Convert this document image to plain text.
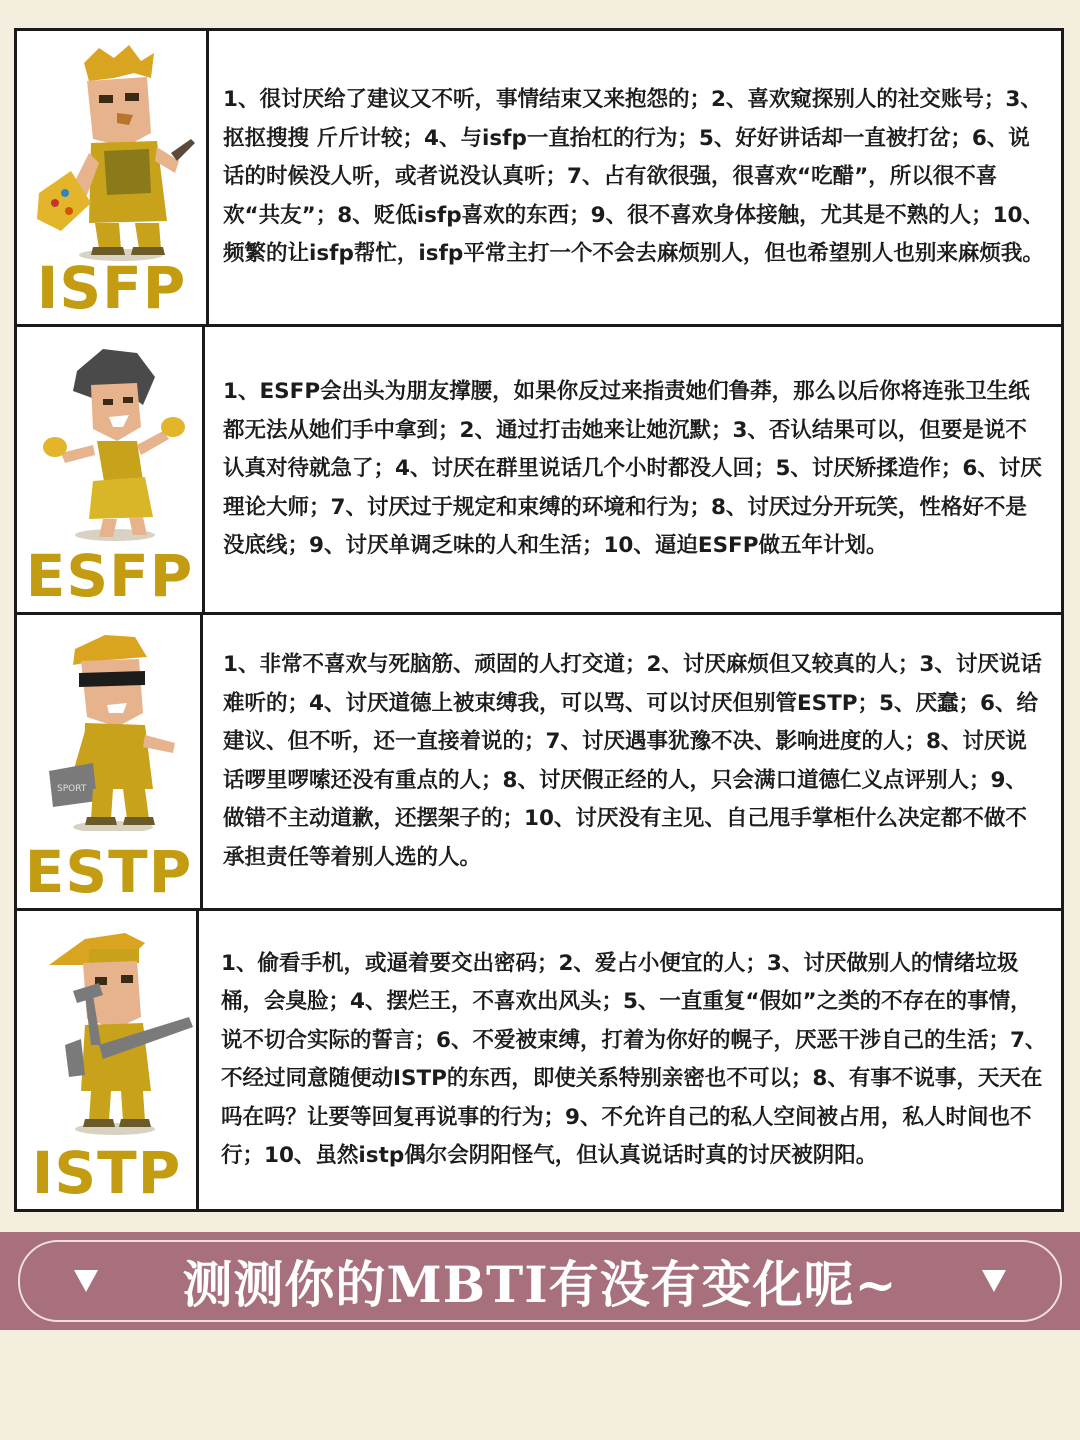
ISFP

1、很讨厌给了建议又不听，事情结束又来抱怨的；2、喜欢窥探别人的社交账号；3、抠抠搜搜 斤斤计较；4、与isfp一直抬杠的行为；5、好好讲话却一直被打岔；6、说话的时候没人听，或者说没认真听；7、占有欲很强，很喜欢“吃醋”，所以很不喜欢“共友”；8、贬低isfp喜欢的东西；9、很不喜欢身体接触，尤其是不熟的人；10、频繁的让isfp帮忙，isfp平常主打一个不会去麻烦别人，但也希望别人也别来麻烦我。

ESFP

1、ESFP会出头为朋友撑腰，如果你反过来指责她们鲁莽，那么以后你将连张卫生纸都无法从她们手中拿到；2、通过打击她来让她沉默；3、否认结果可以，但要是说不认真对待就急了；4、讨厌在群里说话几个小时都没人回；5、讨厌矫揉造作；6、讨厌理论大师；7、讨厌过于规定和束缚的环境和行为；8、讨厌过分开玩笑，性格好不是没底线；9、讨厌单调乏味的人和生活；10、逼迫ESFP做五年计划。

SPORT
ESTP

1、非常不喜欢与死脑筋、顽固的人打交道；2、讨厌麻烦但又较真的人；3、讨厌说话难听的；4、讨厌道德上被束缚我，可以骂、可以讨厌但别管ESTP；5、厌蠢；6、给建议、但不听，还一直接着说的；7、讨厌遇事犹豫不决、影响进度的人；8、讨厌说话啰里啰嗦还没有重点的人；8、讨厌假正经的人，只会满口道德仁义点评别人；9、做错不主动道歉，还摆架子的；10、讨厌没有主见、自己甩手掌柜什么决定都不做不承担责任等着别人选的人。

ISTP

1、偷看手机，或逼着要交出密码；2、爱占小便宜的人；3、讨厌做别人的情绪垃圾桶，会臭脸；4、摆烂王，不喜欢出风头；5、一直重复“假如”之类的不存在的事情，说不切合实际的誓言；6、不爱被束缚，打着为你好的幌子，厌恶干涉自己的生活；7、不经过同意随便动ISTP的东西，即使关系特别亲密也不可以；8、有事不说事，天天在吗在吗？让要等回复再说事的行为；9、不允许自己的私人空间被占用，私人时间也不行；10、虽然istp偶尔会阴阳怪气，但认真说话时真的讨厌被阴阳。

测测你的MBTI有没有变化呢~
